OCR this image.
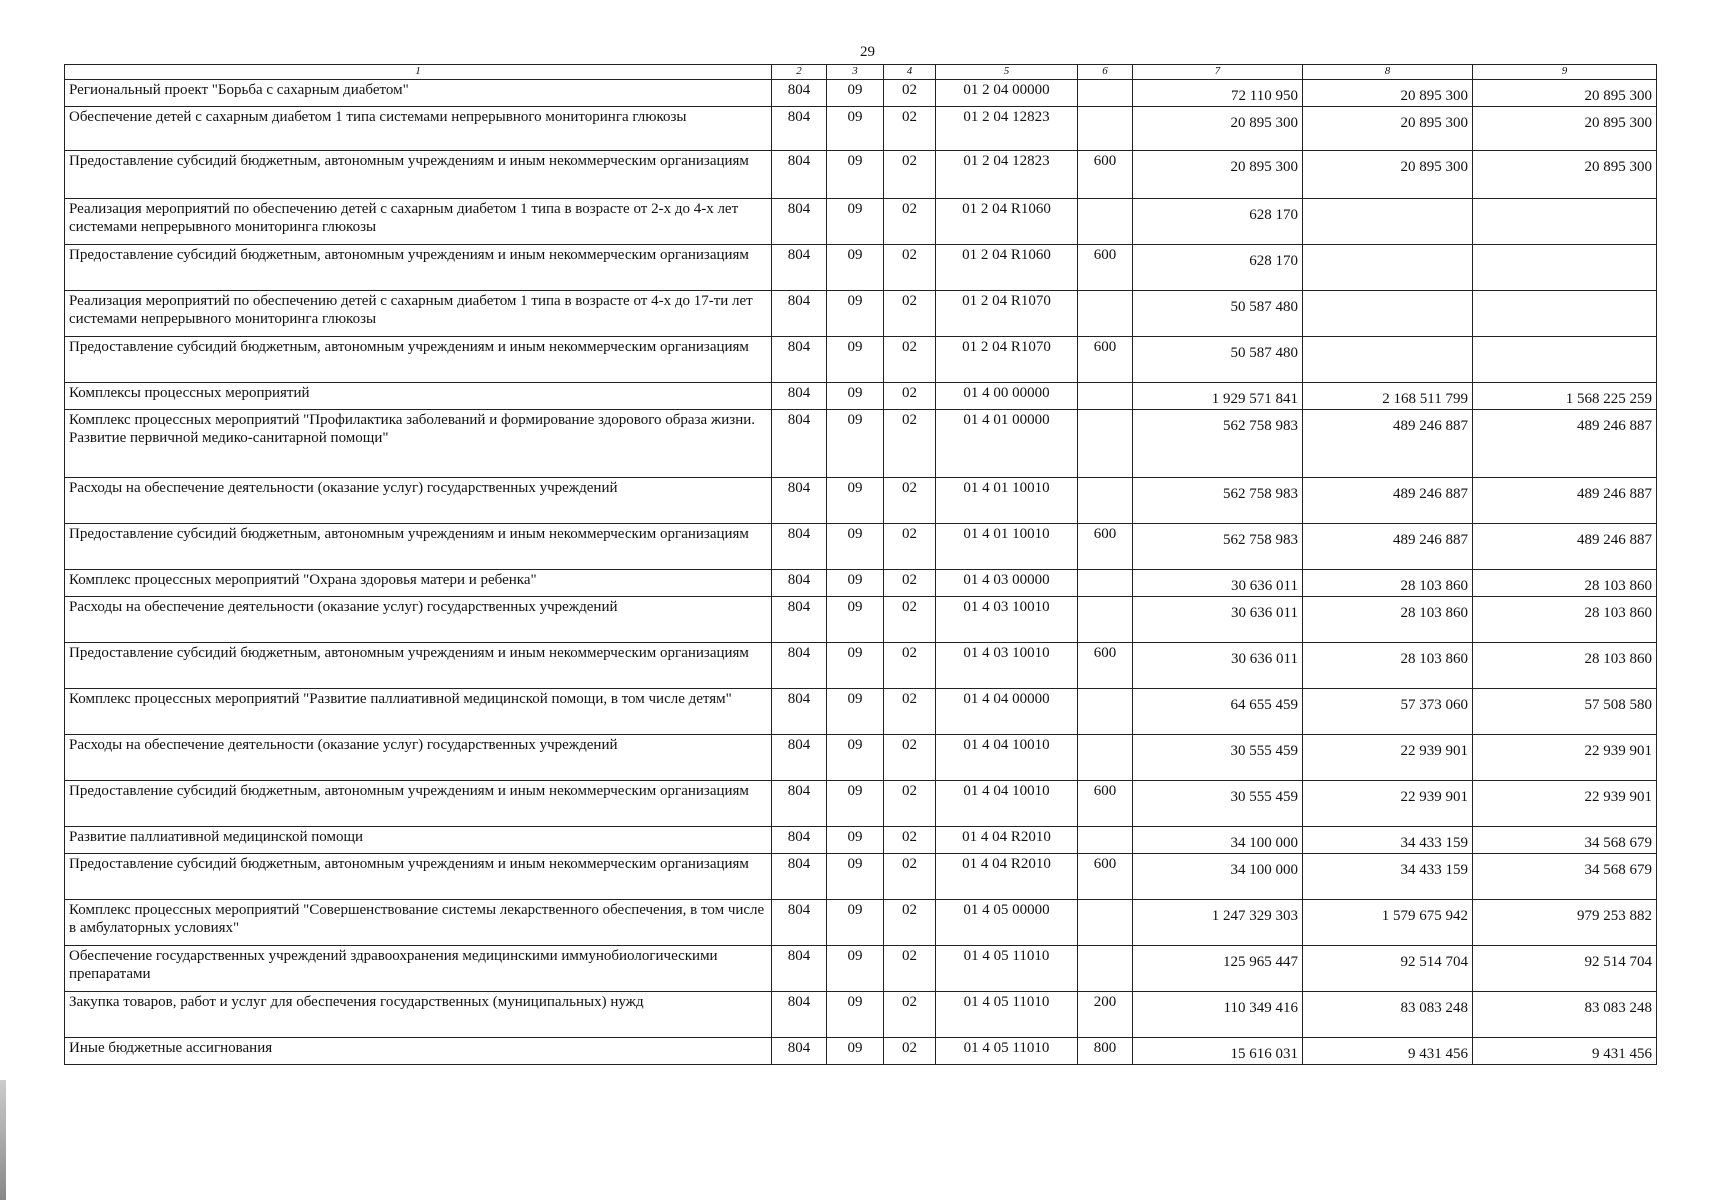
29
1	2	3	4	5	6	7	8	9
Региональный проект "Борьба с сахарным диабетом"	804	09	02	01 2 04 00000		72 110 950	20 895 300	20 895 300
Обеспечение детей с сахарным диабетом 1 типа системами непрерывного мониторинга глюкозы	804	09	02	01 2 04 12823		20 895 300	20 895 300	20 895 300
Предоставление субсидий бюджетным, автономным учреждениям и иным некоммерческим организациям	804	09	02	01 2 04 12823	600	20 895 300	20 895 300	20 895 300
Реализация мероприятий по обеспечению детей с сахарным диабетом 1 типа в возрасте от 2-х до 4-х лет системами непрерывного мониторинга глюкозы	804	09	02	01 2 04 R1060		628 170		
Предоставление субсидий бюджетным, автономным учреждениям и иным некоммерческим организациям	804	09	02	01 2 04 R1060	600	628 170		
Реализация мероприятий по обеспечению детей с сахарным диабетом 1 типа в возрасте от 4-х до 17-ти лет системами непрерывного мониторинга глюкозы	804	09	02	01 2 04 R1070		50 587 480		
Предоставление субсидий бюджетным, автономным учреждениям и иным некоммерческим организациям	804	09	02	01 2 04 R1070	600	50 587 480		
Комплексы процессных мероприятий	804	09	02	01 4 00 00000		1 929 571 841	2 168 511 799	1 568 225 259
Комплекс процессных мероприятий "Профилактика заболеваний и формирование здорового образа жизни. Развитие первичной медико-санитарной помощи"	804	09	02	01 4 01 00000		562 758 983	489 246 887	489 246 887
Расходы на обеспечение деятельности (оказание услуг) государственных учреждений	804	09	02	01 4 01 10010		562 758 983	489 246 887	489 246 887
Предоставление субсидий бюджетным, автономным учреждениям и иным некоммерческим организациям	804	09	02	01 4 01 10010	600	562 758 983	489 246 887	489 246 887
Комплекс процессных мероприятий "Охрана здоровья матери и ребенка"	804	09	02	01 4 03 00000		30 636 011	28 103 860	28 103 860
Расходы на обеспечение деятельности (оказание услуг) государственных учреждений	804	09	02	01 4 03 10010		30 636 011	28 103 860	28 103 860
Предоставление субсидий бюджетным, автономным учреждениям и иным некоммерческим организациям	804	09	02	01 4 03 10010	600	30 636 011	28 103 860	28 103 860
Комплекс процессных мероприятий "Развитие паллиативной медицинской помощи, в том числе детям"	804	09	02	01 4 04 00000		64 655 459	57 373 060	57 508 580
Расходы на обеспечение деятельности (оказание услуг) государственных учреждений	804	09	02	01 4 04 10010		30 555 459	22 939 901	22 939 901
Предоставление субсидий бюджетным, автономным учреждениям и иным некоммерческим организациям	804	09	02	01 4 04 10010	600	30 555 459	22 939 901	22 939 901
Развитие паллиативной медицинской помощи	804	09	02	01 4 04 R2010		34 100 000	34 433 159	34 568 679
Предоставление субсидий бюджетным, автономным учреждениям и иным некоммерческим организациям	804	09	02	01 4 04 R2010	600	34 100 000	34 433 159	34 568 679
Комплекс процессных мероприятий "Совершенствование системы лекарственного обеспечения, в том числе в амбулаторных условиях"	804	09	02	01 4 05 00000		1 247 329 303	1 579 675 942	979 253 882
Обеспечение государственных учреждений здравоохранения медицинскими иммунобиологическими препаратами	804	09	02	01 4 05 11010		125 965 447	92 514 704	92 514 704
Закупка товаров, работ и услуг для обеспечения государственных (муниципальных) нужд	804	09	02	01 4 05 11010	200	110 349 416	83 083 248	83 083 248
Иные бюджетные ассигнования	804	09	02	01 4 05 11010	800	15 616 031	9 431 456	9 431 456
